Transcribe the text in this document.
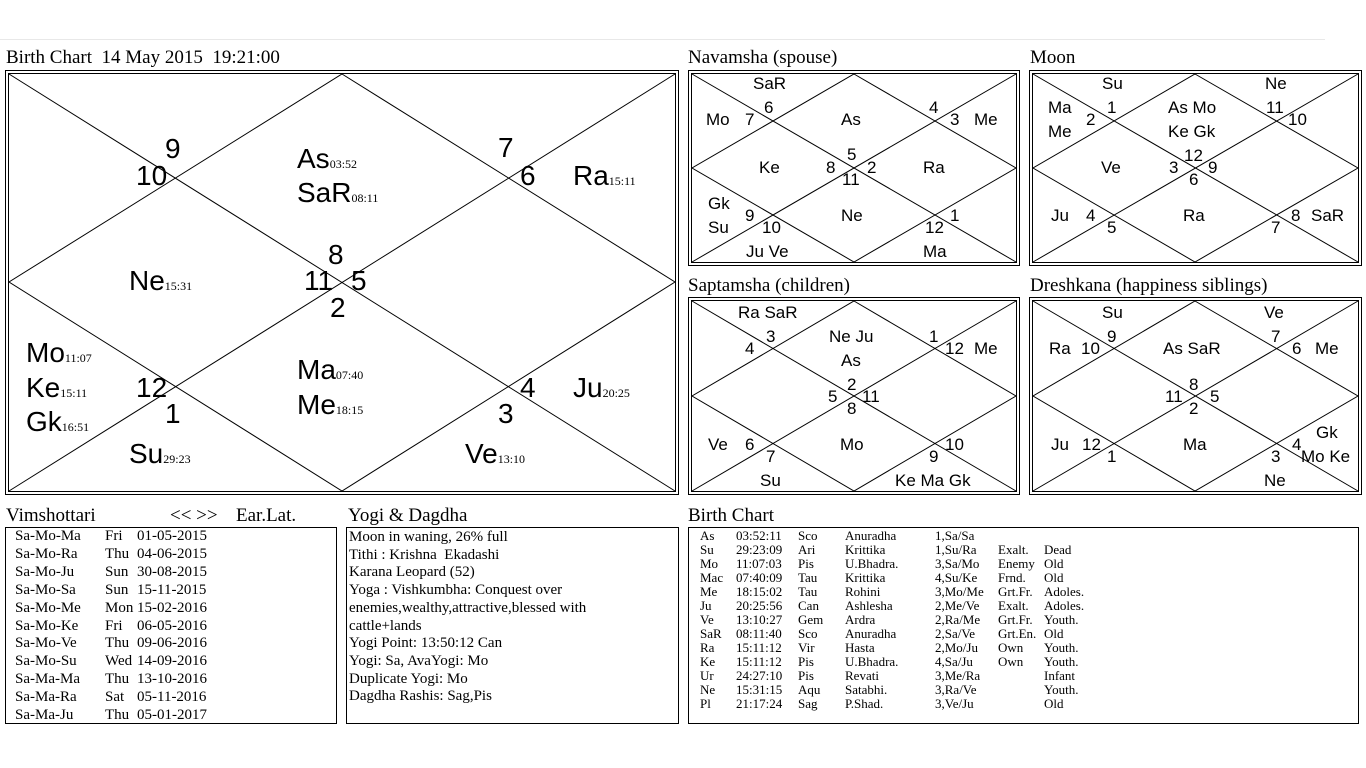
Birth Chart  14 May 2015  19:21:00
8
7
6
5
4
3
2
1
12
11
10
9	As03:52
SaR08:11
Ra15:11
Ne15:31
Mo11:07
Ke15:11
Gk16:51
Su29:23
Ma07:40
Me18:15
Ju20:25
Ve13:10
Navamsha (spouse)
6
7
4
3
5
8
11
2
9
10	12
1
SaR
Mo	As	Me
Ke	Ra
Gk
Su
Ne
Ju Ve	Ma
Moon
1
2
11
10
12
3
6
9
4
5
8
7
Su	Ne
Ma
Me
As Mo
Ke Gk
Ve
Ju	Ra	SaR
Saptamsha (children)
3
4
1
12
2
5
8
11
6
7
10
9
Ra SaR
Ne Ju
As
Me
Ve	Mo
Su	Ke Ma Gk
Dreshkana (happiness siblings)
9
10
7
6
8
11
2
5
12
1
4
3
Su	Ve
Ra	As SaR	Me
Ju	Ma
Gk
Mo Ke
Ne
Vimshottari	<< >> Ear.Lat.
Sa-Mo-Ma Fri 01-05-2015
Sa-Mo-Ra Thu 04-06-2015
Sa-Mo-Ju Sun 30-08-2015
Sa-Mo-Sa Sun 15-11-2015
Sa-Mo-Me Mon 15-02-2016
Sa-Mo-Ke Fri 06-05-2016
Sa-Mo-Ve Thu 09-06-2016
Sa-Mo-Su Wed 14-09-2016
Sa-Ma-Ma Thu 13-10-2016
Sa-Ma-Ra Sat 05-11-2016
Sa-Ma-Ju Thu 05-01-2017
Yogi & Dagdha
Moon in waning, 26% full
Tithi : Krishna  Ekadashi
Karana Leopard (52)
Yoga : Vishkumbha: Conquest over
enemies,wealthy,attractive,blessed with
cattle+lands
Yogi Point: 13:50:12 Can
Yogi: Sa, AvaYogi: Mo
Duplicate Yogi: Mo
Dagdha Rashis: Sag,Pis
Birth Chart
As 03:52:11 Sco Anuradha	1,Sa/Sa
Su 29:23:09 Ari Krittika	1,Su/Ra Exalt. Dead
Mo 11:07:03 Pis U.Bhadra.	3,Sa/Mo Enemy Old
Mac 07:40:09 Tau Krittika	4,Su/Ke Frnd. Old
Me 18:15:02 Tau Rohini	3,Mo/Me Grt.Fr. Adoles.
Ju 20:25:56 Can Ashlesha	2,Me/Ve Exalt. Adoles.
Ve 13:10:27 Gem Ardra	2,Ra/Me Grt.Fr. Youth.
SaR 08:11:40 Sco Anuradha	2,Sa/Ve Grt.En. Old
Ra 15:11:12 Vir Hasta	2,Mo/Ju Own Youth.
Ke 15:11:12 Pis U.Bhadra.	4,Sa/Ju Own Youth.
Ur 24:27:10 Pis Revati	3,Me/Ra	Infant
Ne 15:31:15 Aqu Satabhi.	3,Ra/Ve	Youth.
Pl 21:17:24 Sag P.Shad.	3,Ve/Ju	Old
